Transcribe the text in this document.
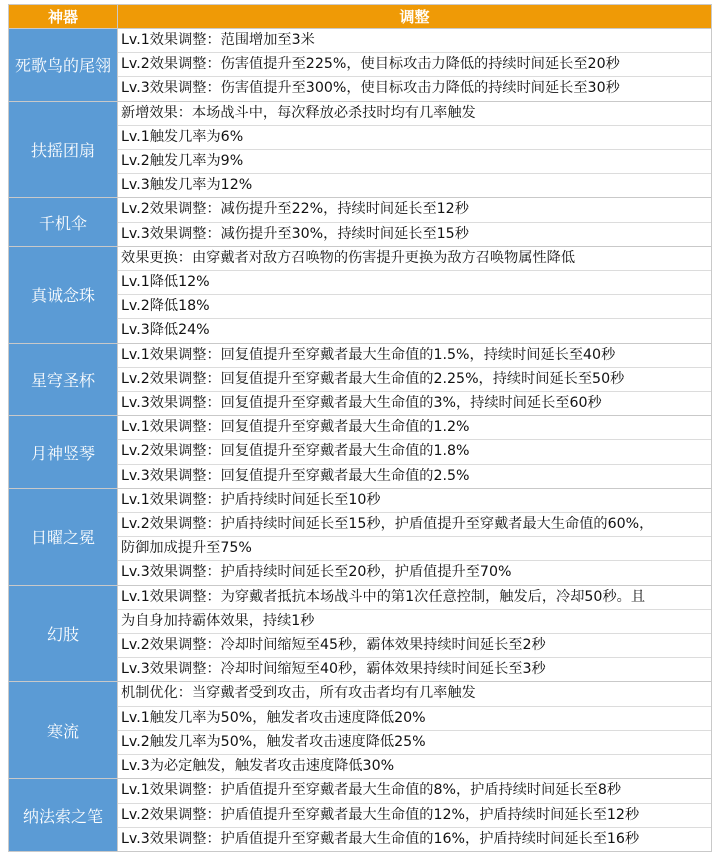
神器	调整
死歌鸟的尾翎	Lv.1效果调整：范围增加至3米
Lv.2效果调整：伤害值提升至225%，使目标攻击力降低的持续时间延长至20秒
Lv.3效果调整：伤害值提升至300%，使目标攻击力降低的持续时间延长至30秒

扶摇团扇	新增效果：本场战斗中，每次释放必杀技时均有几率触发
Lv.1触发几率为6%
Lv.2触发几率为9%
Lv.3触发几率为12%

千机伞	Lv.2效果调整：减伤提升至22%，持续时间延长至12秒
Lv.3效果调整：减伤提升至30%，持续时间延长至15秒

真诚念珠	效果更换：由穿戴者对敌方召唤物的伤害提升更换为敌方召唤物属性降低
Lv.1降低12%
Lv.2降低18%
Lv.3降低24%

星穹圣杯	Lv.1效果调整：回复值提升至穿戴者最大生命值的1.5%，持续时间延长至40秒
Lv.2效果调整：回复值提升至穿戴者最大生命值的2.25%，持续时间延长至50秒
Lv.3效果调整：回复值提升至穿戴者最大生命值的3%，持续时间延长至60秒

月神竖琴	Lv.1效果调整：回复值提升至穿戴者最大生命值的1.2%
Lv.2效果调整：回复值提升至穿戴者最大生命值的1.8%
Lv.3效果调整：回复值提升至穿戴者最大生命值的2.5%

日曜之冕	Lv.1效果调整：护盾持续时间延长至10秒
Lv.2效果调整：护盾持续时间延长至15秒，护盾值提升至穿戴者最大生命值的60%，
防御加成提升至75%
Lv.3效果调整：护盾持续时间延长至20秒，护盾值提升至70%

幻肢	Lv.1效果调整：为穿戴者抵抗本场战斗中的第1次任意控制，触发后，冷却50秒。且
为自身加持霸体效果，持续1秒
Lv.2效果调整：冷却时间缩短至45秒，霸体效果持续时间延长至2秒
Lv.3效果调整：冷却时间缩短至40秒，霸体效果持续时间延长至3秒

寒流	机制优化：当穿戴者受到攻击，所有攻击者均有几率触发
Lv.1触发几率为50%，触发者攻击速度降低20%
Lv.2触发几率为50%，触发者攻击速度降低25%
Lv.3为必定触发，触发者攻击速度降低30%

纳法索之笔	Lv.1效果调整：护盾值提升至穿戴者最大生命值的8%，护盾持续时间延长至8秒
Lv.2效果调整：护盾值提升至穿戴者最大生命值的12%，护盾持续时间延长至12秒
Lv.3效果调整：护盾值提升至穿戴者最大生命值的16%，护盾持续时间延长至16秒
